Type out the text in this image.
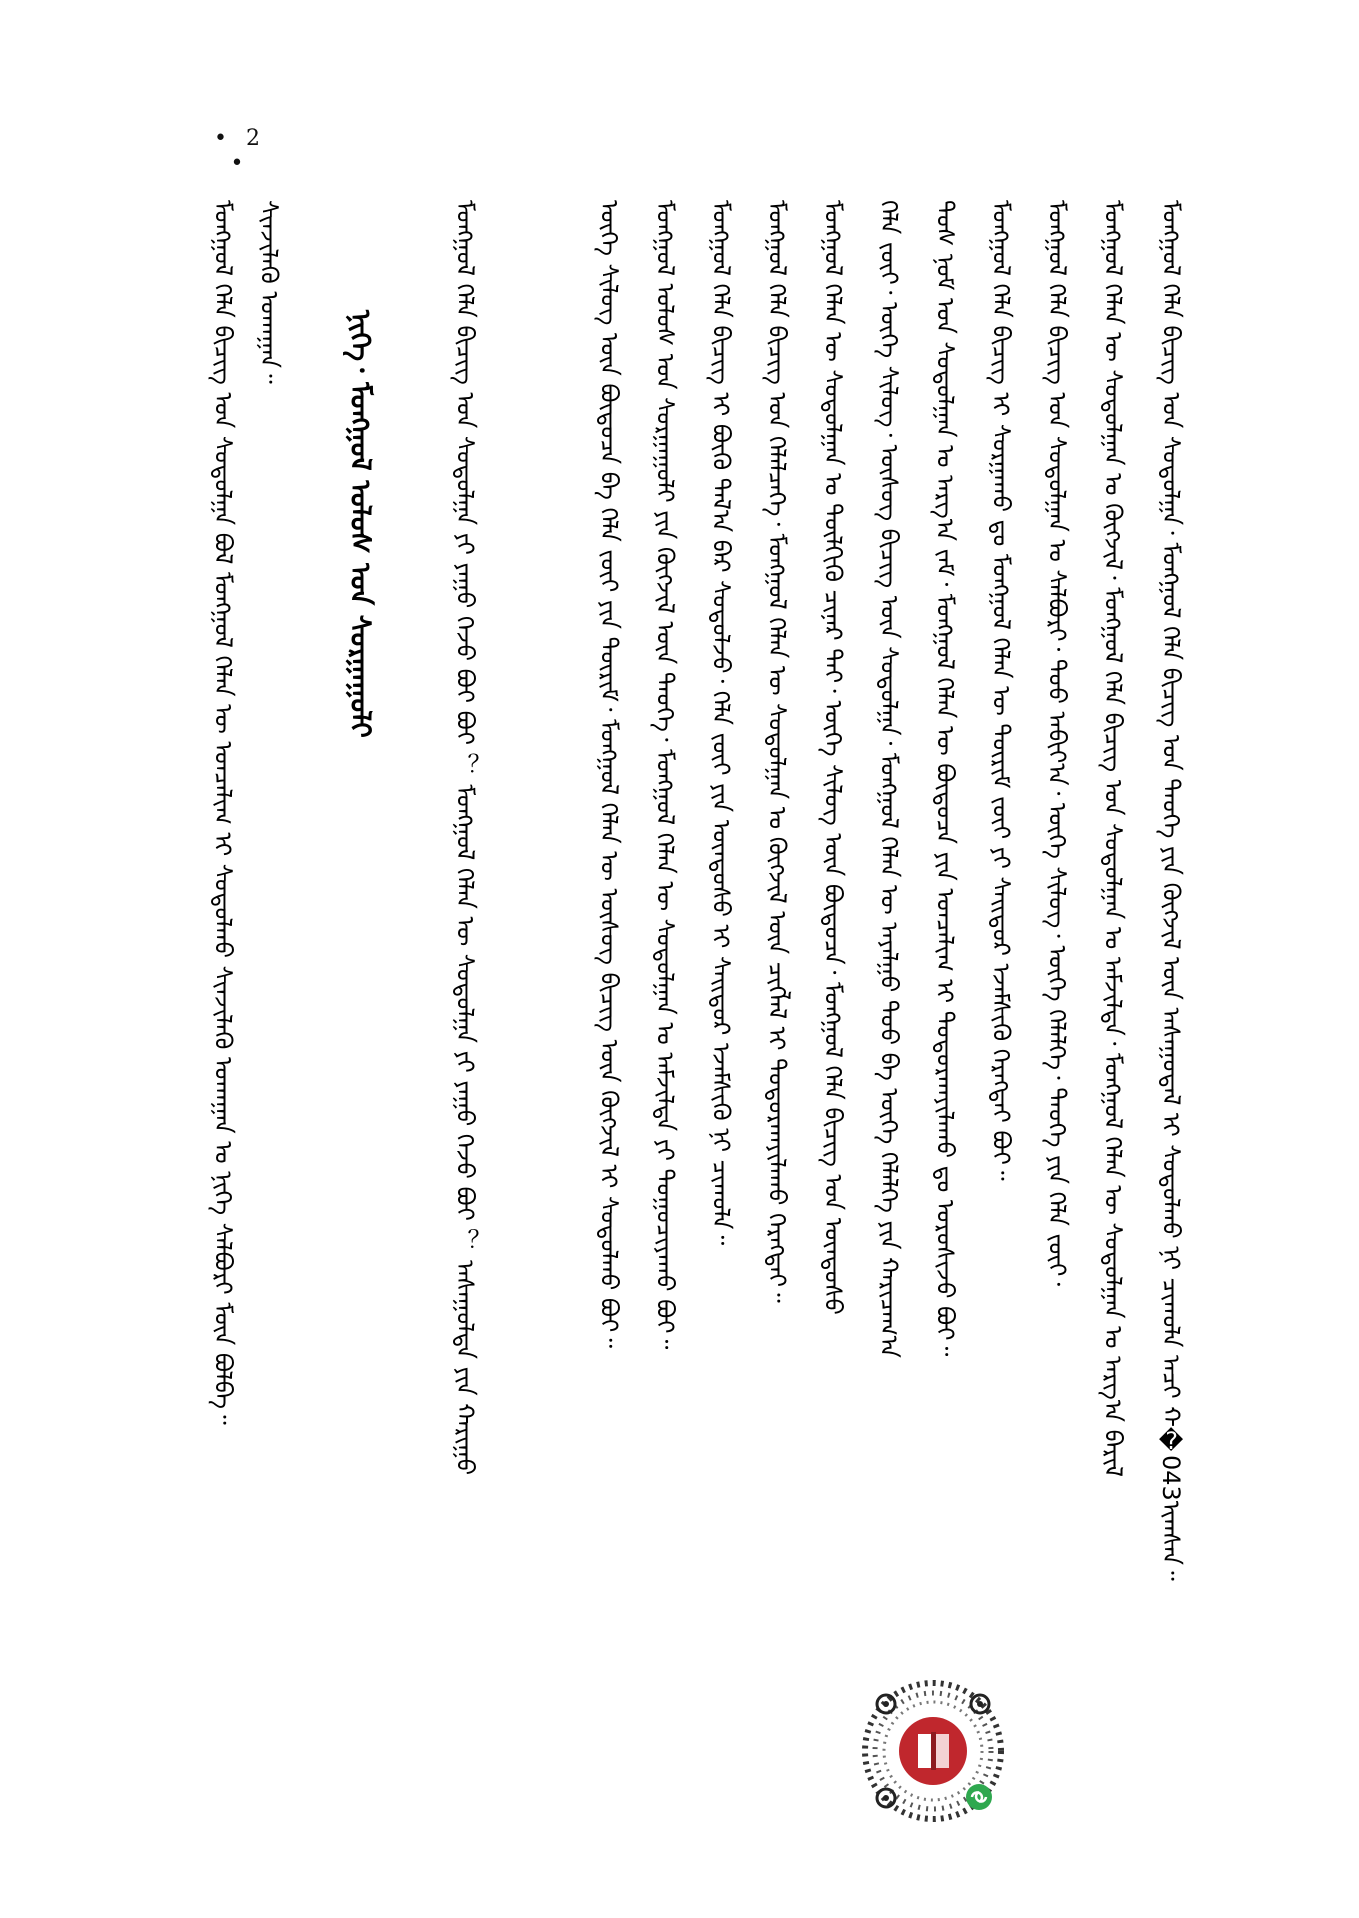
• 2 •
ᠮᠣᠩᠭᠣᠯ ᠬᠡᠯᠡ ᠪᠢᠴᠢᠭ ᠤᠨ ᠰᠤᠳᠤᠯᠭᠠ᠂ ᠮᠣᠩᠭᠣᠯ ᠬᠡᠯᠡ ᠪᠢᠴᠢᠭ ᠤᠨ ᠲᠡᠦᠬᠡ ᠶᠢᠨ ᠬᠥᠭᠵᠢᠯ ᠦᠨ ᠠᠰᠠᠭᠤᠳᠠᠯ ᠢ ᠰᠤᠳᠤᠯᠬᠤ ᠨᠢ ᠴᠢᠬᠤᠯᠠ ᠠᠴᠢ ᠬ�043ᠢᠭᠰᠠᠨ᠃
ᠮᠣᠩᠭᠣᠯ ᠬᠡᠯᠡᠨ ᠦ ᠰᠤᠳᠤᠯᠭᠠᠨ ᠤ ᠬᠥᠭᠵᠢᠯ᠂ ᠮᠣᠩᠭᠣᠯ ᠬᠡᠯᠡ ᠪᠢᠴᠢᠭ ᠤᠨ ᠰᠤᠳᠤᠯᠭᠠᠨ ᠤ ᠠᠮᠵᠢᠯᠲᠠ᠂ ᠮᠣᠩᠭᠣᠯ ᠬᠡᠯᠡᠨ ᠦ ᠰᠤᠳᠤᠯᠭᠠᠨ ᠤ ᠠᠷᠭ᠎ᠠ ᠪᠠᠷᠢᠯ
ᠮᠣᠩᠭᠣᠯ ᠬᠡᠯᠡ ᠪᠢᠴᠢᠭ ᠤᠨ ᠰᠤᠳᠤᠯᠭᠠᠨ ᠤ ᠰᠠᠯᠪᠤᠷᠢ᠂ ᠳᠤᠤ ᠠᠪᠢᠶ᠎ᠠ᠂ ᠦᠭᠡ ᠰᠢᠯᠦᠭ᠂ ᠦᠭᠡ ᠬᠡᠯᠡᠯᠭᠡ᠂ ᠲᠡᠦᠬᠡ ᠶᠢᠨ ᠬᠡᠯᠡ ᠵᠦᠢ᠂
ᠮᠣᠩᠭᠣᠯ ᠬᠡᠯᠡ ᠪᠢᠴᠢᠭ ᠢ ᠰᠤᠷᠭᠠᠬᠤ ᠳᠤ ᠮᠣᠩᠭᠣᠯ ᠬᠡᠯᠡᠨ ᠦ ᠳᠦᠷᠢᠮ ᠵᠦᠢ ᠶᠢ ᠰᠠᠢᠲᠤᠷ ᠡᠵᠡᠮᠰᠢᠬᠦ ᠬᠡᠷᠡᠭᠲᠡᠢ ᠪᠤᠢ᠃
ᠲᠤᠰ ᠨᠣᠮ ᠤᠨ ᠰᠤᠳᠤᠯᠭᠠᠨ ᠤ ᠠᠷᠭ᠎ᠠ ᠵᠠᠮ᠂ ᠮᠣᠩᠭᠣᠯ ᠬᠡᠯᠡᠨ ᠦ ᠪᠦᠲᠦᠴᠡ ᠶᠢᠨ ᠣᠨᠴᠠᠯᠢᠭ ᠢ ᠲᠣᠳᠤᠷᠬᠠᠶᠢᠯᠠᠬᠤ ᠳᠤ ᠣᠷᠤᠰᠢᠵᠤ ᠪᠤᠢ᠃
ᠬᠡᠯᠡ ᠵᠦᠢ᠂ ᠦᠭᠡ ᠰᠢᠯᠦᠭ᠂ ᠦᠰᠦᠭ ᠪᠢᠴᠢᠭ ᠦᠨ ᠰᠤᠳᠤᠯᠭᠠ᠂ ᠮᠣᠩᠭᠣᠯ ᠬᠡᠯᠡᠨ ᠦ ᠠᠶᠠᠯᠭᠤ ᠳᠤᠤ ᠪᠠ ᠦᠭᠡ ᠬᠡᠯᠡᠯᠭᠡ ᠶᠢᠨ ᠬᠠᠷᠢᠴᠠᠭ᠎ᠠ
ᠮᠣᠩᠭᠣᠯ ᠬᠡᠯᠡᠨ ᠦ ᠰᠤᠳᠤᠯᠭᠠᠨ ᠤ ᠲᠦᠯᠬᠢᠬᠦ ᠴᠢᠨᠠᠷ ᠲᠠᠢ᠂ ᠦᠭᠡ ᠰᠢᠯᠦᠭ ᠦᠨ ᠪᠦᠲᠦᠴᠡ᠂ ᠮᠣᠩᠭᠣᠯ ᠬᠡᠯᠡ ᠪᠢᠴᠢᠭ ᠤᠨ ᠦᠨᠳᠦᠰᠦ
ᠮᠣᠩᠭᠣᠯ ᠬᠡᠯᠡ ᠪᠢᠴᠢᠭ ᠤᠨ ᠬᠡᠯᠡᠯᠴᠡᠭᠡ᠂ ᠮᠣᠩᠭᠣᠯ ᠬᠡᠯᠡᠨ ᠦ ᠰᠤᠳᠤᠯᠭᠠᠨ ᠤ ᠬᠥᠭᠵᠢᠯ ᠦᠨ ᠴᠢᠭᠯᠡᠯ ᠢ ᠲᠣᠳᠤᠷᠬᠠᠶᠢᠯᠠᠬᠤ ᠬᠡᠷᠡᠭᠲᠡᠢ᠃
ᠮᠣᠩᠭᠣᠯ ᠬᠡᠯᠡ ᠪᠢᠴᠢᠭ ᠢ ᠪᠦᠬᠦ ᠲᠠᠯ᠎ᠠ ᠪᠠᠷ ᠰᠤᠳᠤᠯᠵᠤ᠂ ᠬᠡᠯᠡ ᠵᠦᠢ ᠶᠢᠨ ᠦᠨᠳᠦᠰᠦ ᠢ ᠰᠠᠢᠲᠤᠷ ᠡᠵᠡᠮᠰᠢᠬᠦ ᠨᠢ ᠴᠢᠬᠤᠯᠠ᠃
ᠮᠣᠩᠭᠣᠯ ᠤᠯᠤᠰ ᠤᠨ ᠰᠤᠷᠭᠠᠭᠤᠯᠢ ᠶᠢᠨ ᠬᠥᠭᠵᠢᠯ ᠦᠨ ᠲᠡᠦᠬᠡ᠂ ᠮᠣᠩᠭᠣᠯ ᠬᠡᠯᠡᠨ ᠦ ᠰᠤᠳᠤᠯᠭᠠᠨ ᠤ ᠠᠮᠵᠢᠯᠲᠠ ᠶᠢ ᠲᠣᠭᠤᠴᠢᠶᠠᠬᠤ ᠪᠤᠢ᠃
ᠦᠭᠡ ᠰᠢᠯᠦᠭ ᠦᠨ ᠪᠦᠲᠦᠴᠡ ᠪᠠ ᠬᠡᠯᠡ ᠵᠦᠢ ᠶᠢᠨ ᠳᠦᠷᠢᠮ᠂ ᠮᠣᠩᠭᠣᠯ ᠬᠡᠯᠡᠨ ᠦ ᠦᠰᠦᠭ ᠪᠢᠴᠢᠭ ᠦᠨ ᠬᠥᠭᠵᠢᠯ ᠢ ᠰᠤᠳᠤᠯᠬᠤ ᠪᠤᠢ᠃
ᠮᠣᠩᠭᠣᠯ ᠬᠡᠯᠡ ᠪᠢᠴᠢᠭ ᠤᠨ ᠰᠤᠳᠤᠯᠭᠠ ᠶᠢ ᠶᠠᠭᠤ ᠭᠡᠵᠦ ᠪᠤᠢ ᠪᠤᠢ ？ ᠮᠣᠩᠭᠣᠯ ᠬᠡᠯᠡᠨ ᠦ ᠰᠤᠳᠤᠯᠭᠠ ᠶᠢ ᠶᠠᠭᠤ ᠭᠡᠵᠦ ᠪᠤᠢ ？ ᠠᠰᠠᠭᠤᠯᠲᠠ ᠶᠢᠨ ᠬᠠᠷᠢᠭᠤ
ᠨᠢᠭᠡ᠂ ᠮᠣᠩᠭᠣᠯ ᠤᠯᠤᠰ ᠤᠨ ᠰᠤᠷᠭᠠᠭᠤᠯᠢ
ᠮᠣᠩᠭᠣᠯ ᠬᠡᠯᠡ ᠪᠢᠴᠢᠭ ᠤᠨ ᠰᠤᠳᠤᠯᠭᠠ ᠪᠣᠯ ᠮᠣᠩᠭᠣᠯ ᠬᠡᠯᠡᠨ ᠦ ᠣᠨᠴᠠᠯᠢᠭ ᠢ ᠰᠤᠳᠤᠯᠬᠤ ᠰᠢᠨᠵᠢᠯᠡᠬᠦ ᠤᠬᠠᠭᠠᠨ ᠤ ᠨᠢᠭᠡ ᠰᠠᠯᠪᠤᠷᠢ ᠮᠥᠨ ᠪᠣᠯᠪᠠ᠃ ᠰᠢᠨᠵᠢᠯᠡᠬᠦ ᠤᠬᠠᠭᠠᠨ᠃
